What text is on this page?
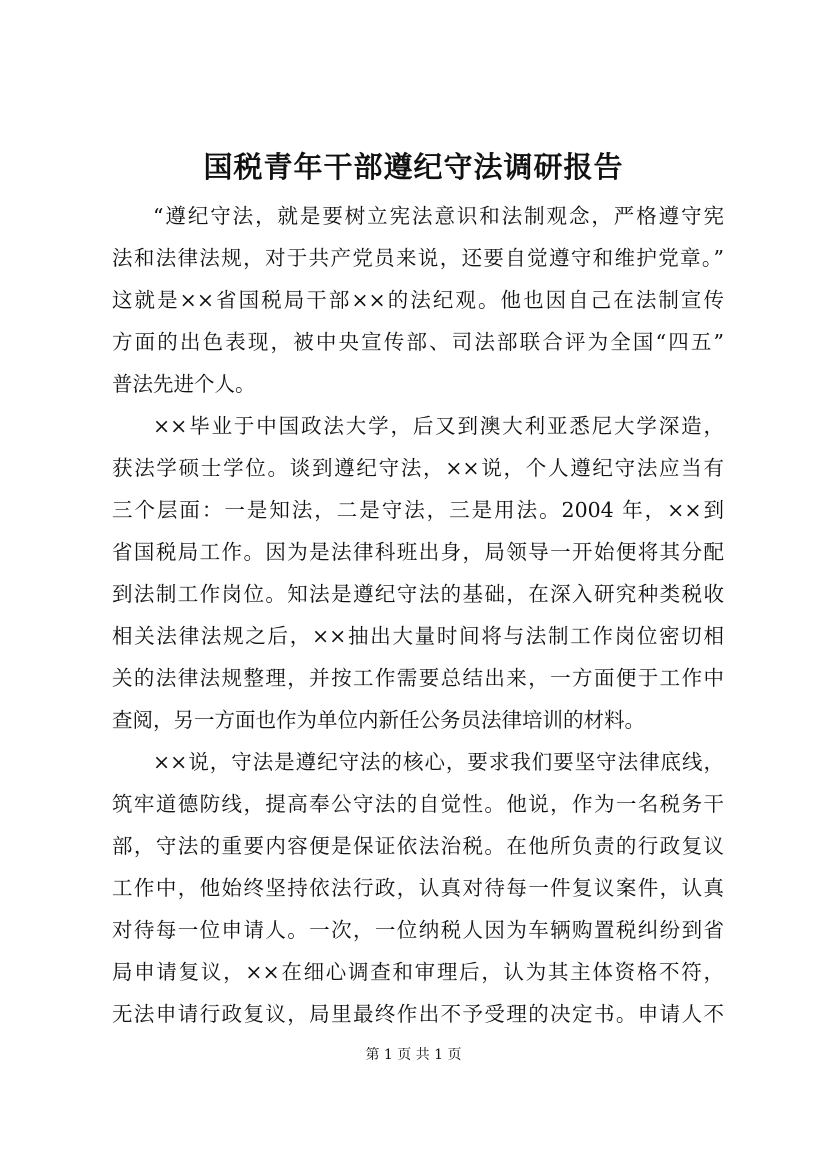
国税青年干部遵纪守法调研报告
“遵纪守法，就是要树立宪法意识和法制观念，严格遵守宪
法和法律法规，对于共产党员来说，还要自觉遵守和维护党章。”
这就是××省国税局干部××的法纪观。他也因自己在法制宣传
方面的出色表现，被中央宣传部、司法部联合评为全国“四五”
普法先进个人。
××毕业于中国政法大学，后又到澳大利亚悉尼大学深造，
获法学硕士学位。谈到遵纪守法，××说，个人遵纪守法应当有
三个层面：一是知法，二是守法，三是用法。2004 年，××到
省国税局工作。因为是法律科班出身，局领导一开始便将其分配
到法制工作岗位。知法是遵纪守法的基础，在深入研究种类税收
相关法律法规之后，××抽出大量时间将与法制工作岗位密切相
关的法律法规整理，并按工作需要总结出来，一方面便于工作中
查阅，另一方面也作为单位内新任公务员法律培训的材料。
××说，守法是遵纪守法的核心，要求我们要坚守法律底线，
筑牢道德防线，提高奉公守法的自觉性。他说，作为一名税务干
部，守法的重要内容便是保证依法治税。在他所负责的行政复议
工作中，他始终坚持依法行政，认真对待每一件复议案件，认真
对待每一位申请人。一次，一位纳税人因为车辆购置税纠纷到省
局申请复议，××在细心调查和审理后，认为其主体资格不符，
无法申请行政复议，局里最终作出不予受理的决定书。申请人不
第 1 页 共 1 页
